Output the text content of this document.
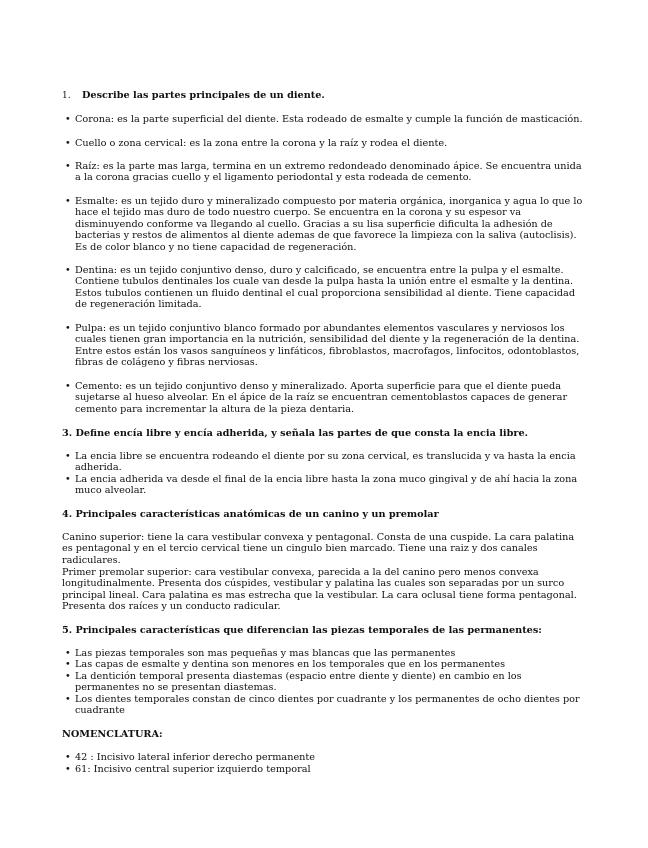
1. Describe las partes principales de un diente.
• Corona: es la parte superficial del diente. Esta rodeado de esmalte y cumple la función de masticación.
• Cuello o zona cervical: es la zona entre la corona y la raíz y rodea el diente.
• Raíz: es la parte mas larga, termina en un extremo redondeado denominado ápice. Se encuentra unida a la corona gracias cuello y el ligamento periodontal y esta rodeada de cemento.
• Esmalte: es un tejido duro y mineralizado compuesto por materia orgánica, inorganica y agua lo que lo hace el tejido mas duro de todo nuestro cuerpo. Se encuentra en la corona y su espesor va disminuyendo conforme va llegando al cuello. Gracias a su lisa superficie dificulta la adhesión de bacterias y restos de alimentos al diente ademas de que favorece la limpieza con la saliva (autoclisis). Es de color blanco y no tiene capacidad de regeneración.
• Dentina: es un tejido conjuntivo denso, duro y calcificado, se encuentra entre la pulpa y el esmalte. Contiene tubulos dentinales los cuale van desde la pulpa hasta la unión entre el esmalte y la dentina. Estos tubulos contienen un fluido dentinal el cual proporciona sensibilidad al diente. Tiene capacidad de regeneración limitada.
• Pulpa: es un tejido conjuntivo blanco formado por abundantes elementos vasculares y nerviosos los cuales tienen gran importancia en la nutrición, sensibilidad del diente y la regeneración de la dentina. Entre estos están los vasos sanguíneos y linfáticos, fibroblastos, macrofagos, linfocitos, odontoblastos, fibras de colágeno y fibras nerviosas.
• Cemento: es un tejido conjuntivo denso y mineralizado. Aporta superficie para que el diente pueda sujetarse al hueso alveolar. En el ápice de la raíz se encuentran cementoblastos capaces de generar cemento para incrementar la altura de la pieza dentaria.
3. Define encía libre y encía adherida, y señala las partes de que consta la encia libre.
• La encia libre se encuentra rodeando el diente por su zona cervical, es translucida y va hasta la encia adherida.
• La encia adherida va desde el final de la encia libre hasta la zona muco gingival y de ahí hacia la zona muco alveolar.
4. Principales características anatómicas de un canino y un premolar
Canino superior: tiene la cara vestibular convexa y pentagonal. Consta de una cuspide. La cara palatina es pentagonal y en el tercio cervical tiene un cingulo bien marcado. Tiene una raiz y dos canales radiculares.
Primer premolar superior: cara vestibular convexa, parecida a la del canino pero menos convexa longitudinalmente. Presenta dos cúspides, vestibular y palatina las cuales son separadas por un surco principal lineal. Cara palatina es mas estrecha que la vestibular. La cara oclusal tiene forma pentagonal. Presenta dos raíces y un conducto radicular.
5. Principales características que diferencian las piezas temporales de las permanentes:
• Las piezas temporales son mas pequeñas y mas blancas que las permanentes
• Las capas de esmalte y dentina son menores en los temporales que en los permanentes
• La dentición temporal presenta diastemas (espacio entre diente y diente) en cambio en los permanentes no se presentan diastemas.
• Los dientes temporales constan de cinco dientes por cuadrante y los permanentes de ocho dientes por cuadrante
NOMENCLATURA:
• 42 : Incisivo lateral inferior derecho permanente
• 61: Incisivo central superior izquierdo temporal
